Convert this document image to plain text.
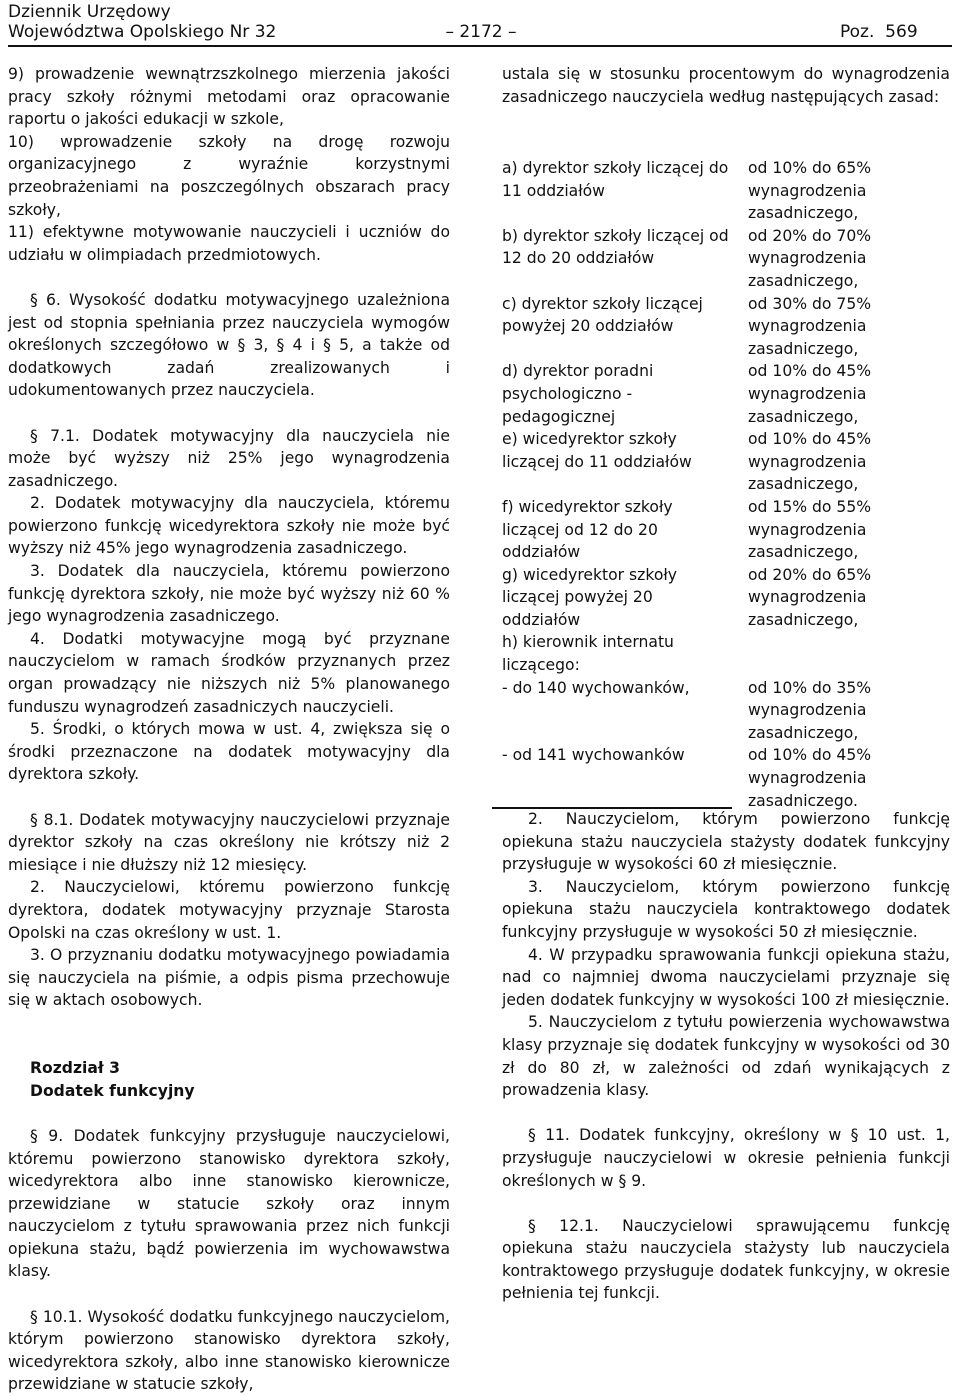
Dziennik Urzędowy
Województwa Opolskiego Nr 32	– 2172 –	Poz.  569

9) prowadzenie wewnątrzszkolnego mierzenia jakości pracy szkoły różnymi metodami oraz opracowanie raportu o jakości edukacji w szkole,

10) wprowadzenie szkoły na drogę rozwoju organizacyjnego z wyraźnie korzystnymi przeobrażeniami na poszczególnych obszarach pracy szkoły,

11) efektywne motywowanie nauczycieli i uczniów do udziału w olimpiadach przedmiotowych.

§ 6. Wysokość dodatku motywacyjnego uzależniona jest od stopnia spełniania przez nauczyciela wymogów określonych szczegółowo w § 3, § 4 i § 5, a także od dodatkowych zadań zrealizowanych i udokumentowanych przez nauczyciela.

§ 7.1. Dodatek motywacyjny dla nauczyciela nie może być wyższy niż 25% jego wynagrodzenia zasadniczego.

2. Dodatek motywacyjny dla nauczyciela, któremu powierzono funkcję wicedyrektora szkoły nie może być wyższy niż 45% jego wynagrodzenia zasadniczego.

3. Dodatek dla nauczyciela, któremu powierzono funkcję dyrektora szkoły, nie może być wyższy niż 60 % jego wynagrodzenia zasadniczego.

4. Dodatki motywacyjne mogą być przyznane nauczycielom w ramach środków przyznanych przez organ prowadzący nie niższych niż 5% planowanego funduszu wynagrodzeń zasadniczych nauczycieli.

5. Środki, o których mowa w ust. 4, zwiększa się o środki przeznaczone na dodatek motywacyjny dla dyrektora szkoły.

§ 8.1. Dodatek motywacyjny nauczycielowi przyznaje dyrektor szkoły na czas określony nie krótszy niż 2 miesiące i nie dłuższy niż 12 miesięcy.

2. Nauczycielowi, któremu powierzono funkcję dyrektora, dodatek motywacyjny przyznaje Starosta Opolski na czas określony w ust. 1.

3. O przyznaniu dodatku motywacyjnego powiadamia się nauczyciela na piśmie, a odpis pisma przechowuje się w aktach osobowych.

Rozdział 3

Dodatek funkcyjny

§ 9. Dodatek funkcyjny przysługuje nauczycielowi, któremu powierzono stanowisko dyrektora szkoły, wicedyrektora albo inne stanowisko kierownicze, przewidziane w statucie szkoły oraz innym nauczycielom z tytułu sprawowania przez nich funkcji opiekuna stażu, bądź powierzenia im wychowawstwa klasy.

§ 10.1. Wysokość dodatku funkcyjnego nauczycielom, którym powierzono stanowisko dyrektora szkoły, wicedyrektora szkoły, albo inne stanowisko kierownicze przewidziane w statucie szkoły,

ustala się w stosunku procentowym do wynagrodzenia zasadniczego nauczyciela według następujących zasad:

a) dyrektor szkoły liczącej do 11 oddziałów	od 10% do 65% wynagrodzenia zasadniczego,
b) dyrektor szkoły liczącej od 12 do 20 oddziałów	od 20% do 70% wynagrodzenia zasadniczego,
c) dyrektor szkoły liczącej powyżej 20 oddziałów	od 30% do 75% wynagrodzenia zasadniczego,
d) dyrektor poradni psychologiczno - pedagogicznej	od 10% do 45% wynagrodzenia zasadniczego,
e) wicedyrektor szkoły liczącej do 11 oddziałów	od 10% do 45% wynagrodzenia zasadniczego,
f) wicedyrektor szkoły liczącej od 12 do 20 oddziałów	od 15% do 55% wynagrodzenia zasadniczego,
g) wicedyrektor szkoły liczącej powyżej 20 oddziałów	od 20% do 65% wynagrodzenia zasadniczego,
h) kierownik internatu liczącego:	
- do 140 wychowanków,	od 10% do 35% wynagrodzenia zasadniczego,
- od 141 wychowanków	od 10% do 45% wynagrodzenia zasadniczego.

2. Nauczycielom, którym powierzono funkcję opiekuna stażu nauczyciela stażysty dodatek funkcyjny przysługuje w wysokości 60 zł miesięcznie.

3. Nauczycielom, którym powierzono funkcję opiekuna stażu nauczyciela kontraktowego dodatek funkcyjny przysługuje w wysokości 50 zł miesięcznie.

4. W przypadku sprawowania funkcji opiekuna stażu, nad co najmniej dwoma nauczycielami przyznaje się jeden dodatek funkcyjny w wysokości 100 zł miesięcznie.

5. Nauczycielom z tytułu powierzenia wychowawstwa klasy przyznaje się dodatek funkcyjny w wysokości od 30 zł do 80 zł, w zależności od zdań wynikających z prowadzenia klasy.

§ 11. Dodatek funkcyjny, określony w § 10 ust. 1, przysługuje nauczycielowi w okresie pełnienia funkcji określonych w § 9.

§ 12.1. Nauczycielowi sprawującemu funkcję opiekuna stażu nauczyciela stażysty lub nauczyciela kontraktowego przysługuje dodatek funkcyjny, w okresie pełnienia tej funkcji.
